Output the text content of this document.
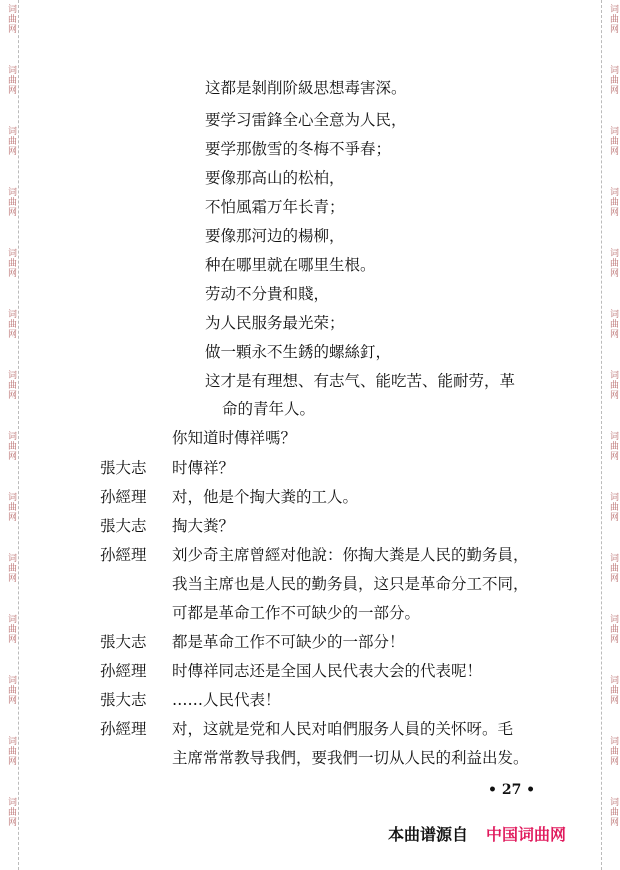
词曲网	词曲网
词曲网	词曲网
词曲网	词曲网
词曲网	词曲网
词曲网	词曲网
词曲网	词曲网
词曲网	词曲网
词曲网	词曲网
词曲网	词曲网
词曲网	词曲网
词曲网	词曲网
词曲网	词曲网
词曲网	词曲网
词曲网	词曲网
这都是剝削阶級思想毒害深。
要学习雷鋒全心全意为人民，
要学那傲雪的冬梅不爭春；
要像那高山的松柏，
不怕風霜万年长青；
要像那河边的楊柳，
种在哪里就在哪里生根。
劳动不分貴和賤，
为人民服务最光荣；
做一顆永不生銹的螺絲釘，
这才是有理想、有志气、能吃苦、能耐劳，革
命的青年人。
你知道时傳祥嗎？
張大志 时傳祥？
孙經理 对，他是个掏大粪的工人。
張大志 掏大粪？
孙經理 刘少奇主席曾經对他說：你掏大粪是人民的勤务員，
我当主席也是人民的勤务員，这只是革命分工不同，
可都是革命工作不可缺少的一部分。
張大志 都是革命工作不可缺少的一部分！
孙經理 时傳祥同志还是全国人民代表大会的代表呢！
張大志 ……人民代表！
孙經理 对，这就是党和人民对咱們服务人員的关怀呀。毛
主席常常教导我們，要我們一切从人民的利益出发。
• 27 •
本曲谱源自 中国词曲网
